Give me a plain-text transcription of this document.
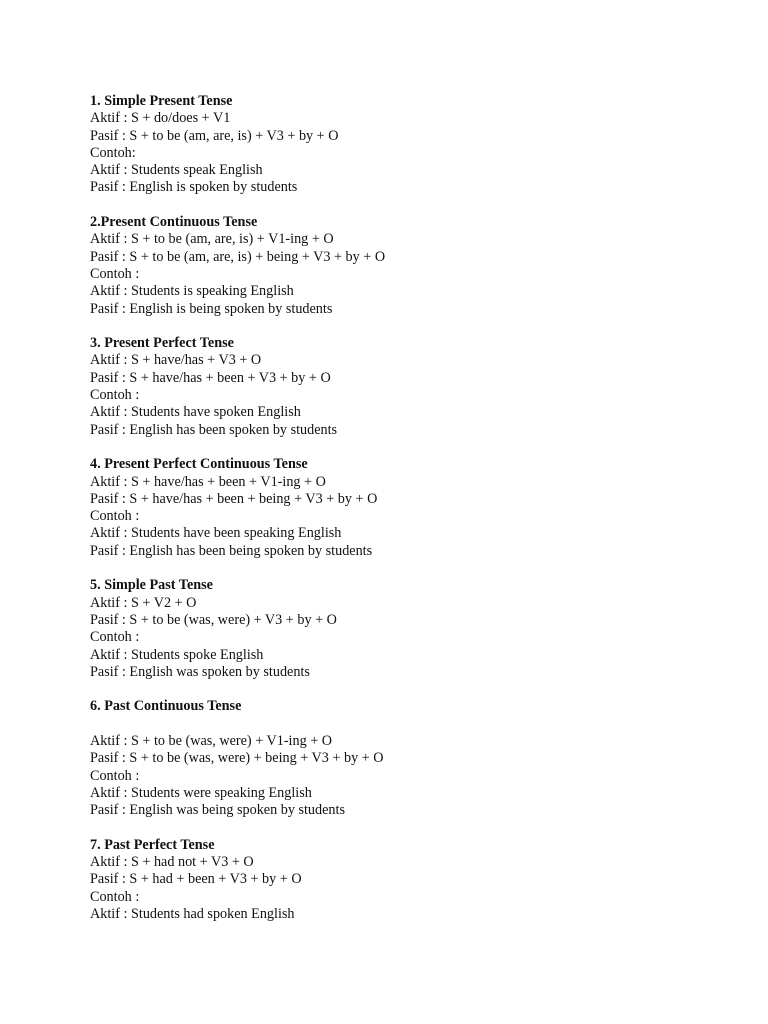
1. Simple Present Tense

Aktif : S + do/does + V1

Pasif : S + to be (am, are, is) + V3 + by + O

Contoh:

Aktif : Students speak English

Pasif : English is spoken by students

2.Present Continuous Tense

Aktif : S + to be (am, are, is) + V1-ing + O

Pasif : S + to be (am, are, is) + being + V3 + by + O

Contoh :

Aktif : Students is speaking English

Pasif : English is being spoken by students

3. Present Perfect Tense

Aktif : S + have/has + V3 + O

Pasif : S + have/has + been + V3 + by + O

Contoh :

Aktif : Students have spoken English

Pasif : English has been spoken by students

4. Present Perfect Continuous Tense

Aktif : S + have/has + been + V1-ing + O

Pasif : S + have/has + been + being + V3 + by + O

Contoh :

Aktif : Students have been speaking English

Pasif : English has been being spoken by students

5. Simple Past Tense

Aktif : S + V2 + O

Pasif : S + to be (was, were) + V3 + by + O

Contoh :

Aktif : Students spoke English

Pasif : English was spoken by students

6. Past Continuous Tense

Aktif : S + to be (was, were) + V1-ing + O

Pasif : S + to be (was, were) + being + V3 + by + O

Contoh :

Aktif : Students were speaking English

Pasif : English was being spoken by students

7. Past Perfect Tense

Aktif : S + had not + V3 + O

Pasif : S + had + been + V3 + by + O

Contoh :

Aktif : Students had spoken English
